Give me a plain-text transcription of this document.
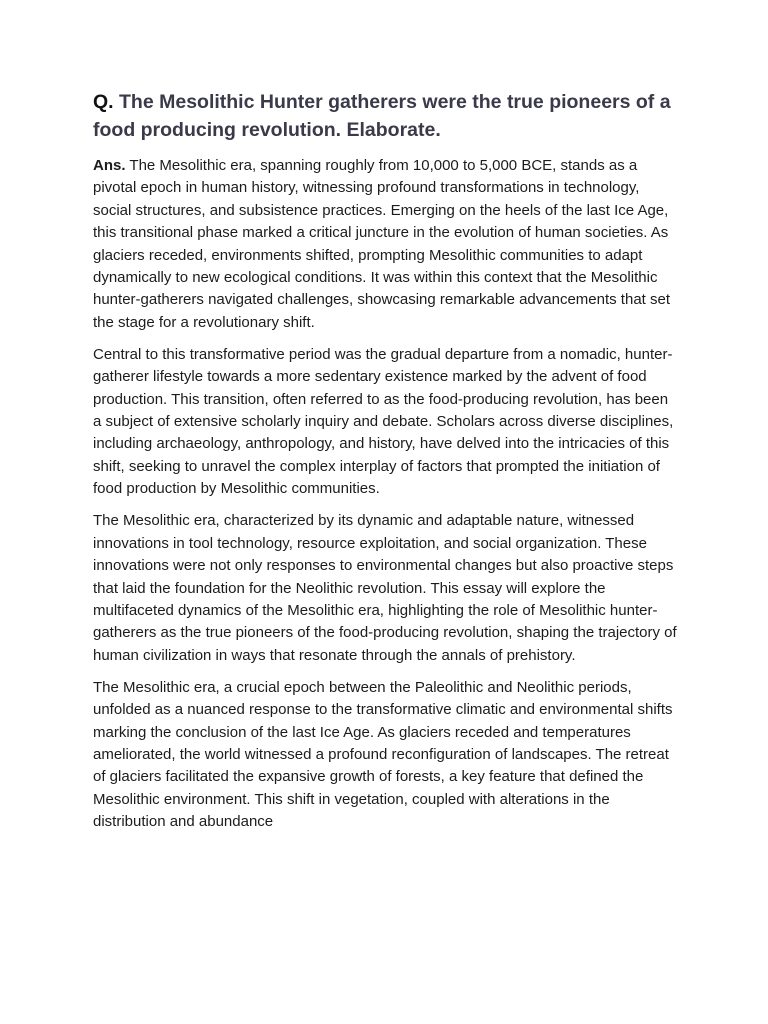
Q. The Mesolithic Hunter gatherers were the true pioneers of a food producing revolution. Elaborate.

Ans. The Mesolithic era, spanning roughly from 10,000 to 5,000 BCE, stands as a pivotal epoch in human history, witnessing profound transformations in technology, social structures, and subsistence practices. Emerging on the heels of the last Ice Age, this transitional phase marked a critical juncture in the evolution of human societies. As glaciers receded, environments shifted, prompting Mesolithic communities to adapt dynamically to new ecological conditions. It was within this context that the Mesolithic hunter-gatherers navigated challenges, showcasing remarkable advancements that set the stage for a revolutionary shift.

Central to this transformative period was the gradual departure from a nomadic, hunter-gatherer lifestyle towards a more sedentary existence marked by the advent of food production. This transition, often referred to as the food-producing revolution, has been a subject of extensive scholarly inquiry and debate. Scholars across diverse disciplines, including archaeology, anthropology, and history, have delved into the intricacies of this shift, seeking to unravel the complex interplay of factors that prompted the initiation of food production by Mesolithic communities.

The Mesolithic era, characterized by its dynamic and adaptable nature, witnessed innovations in tool technology, resource exploitation, and social organization. These innovations were not only responses to environmental changes but also proactive steps that laid the foundation for the Neolithic revolution. This essay will explore the multifaceted dynamics of the Mesolithic era, highlighting the role of Mesolithic hunter-gatherers as the true pioneers of the food-producing revolution, shaping the trajectory of human civilization in ways that resonate through the annals of prehistory.

The Mesolithic era, a crucial epoch between the Paleolithic and Neolithic periods, unfolded as a nuanced response to the transformative climatic and environmental shifts marking the conclusion of the last Ice Age. As glaciers receded and temperatures ameliorated, the world witnessed a profound reconfiguration of landscapes. The retreat of glaciers facilitated the expansive growth of forests, a key feature that defined the Mesolithic environment. This shift in vegetation, coupled with alterations in the distribution and abundance
